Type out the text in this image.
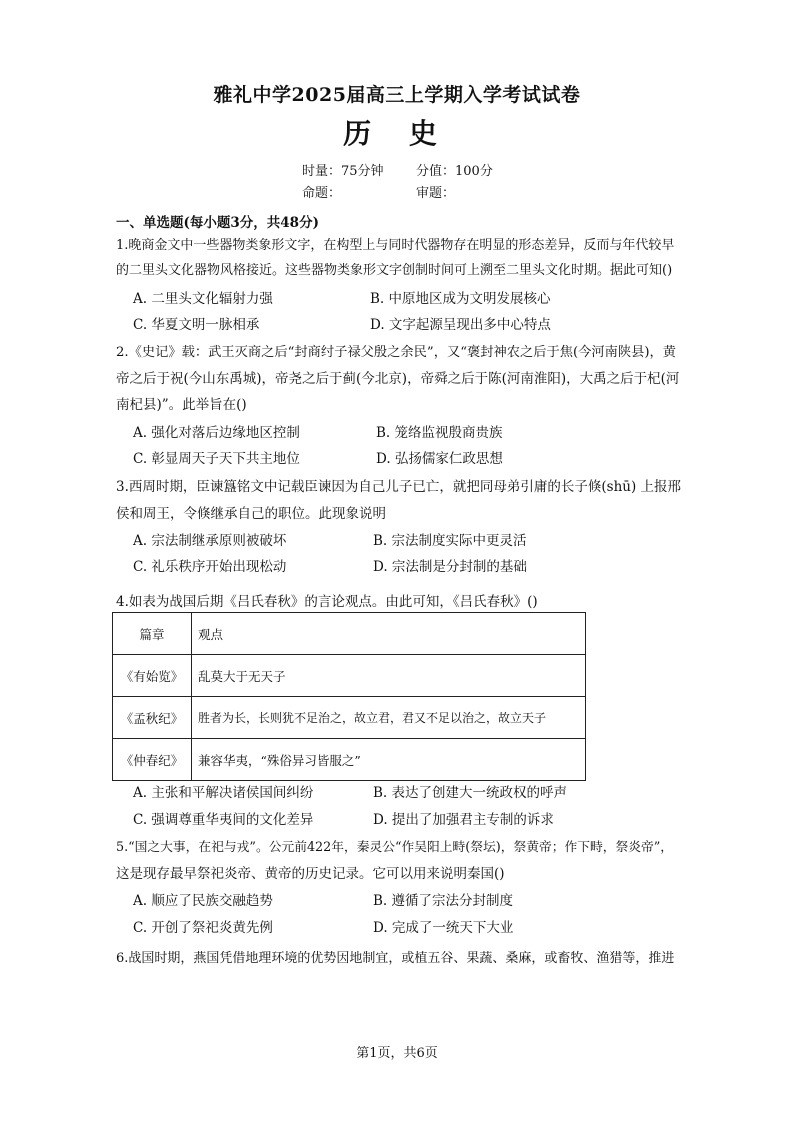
雅礼中学2025届高三上学期入学考试试卷
历 史
时量：75分钟 分值：100分
命题：	审题：
一、单选题(每小题3分，共48分)
1.晚商金文中一些器物类象形文字，在构型上与同时代器物存在明显的形态差异，反而与年代较早
的二里头文化器物风格接近。这些器物类象形文字创制时间可上溯至二里头文化时期。据此可知()
A. 二里头文化辐射力强	B. 中原地区成为文明发展核心
C. 华夏文明一脉相承	D. 文字起源呈现出多中心特点
2.《史记》载：武王灭商之后“封商纣子禄父殷之余民”，又“褒封神农之后于焦(今河南陕县)，黄
帝之后于祝(今山东禹城)，帝尧之后于蓟(今北京)，帝舜之后于陈(河南淮阳)，大禹之后于杞(河
南杞县)”。此举旨在()
A. 强化对落后边缘地区控制	B. 笼络监视殷商贵族
C. 彰显周天子天下共主地位	D. 弘扬儒家仁政思想
3.西周时期，臣谏簋铭文中记载臣谏因为自己儿子已亡，就把同母弟引庸的长子倏(shū) 上报邢
侯和周王，令倏继承自己的职位。此现象说明
A. 宗法制继承原则被破坏	B. 宗法制度实际中更灵活
C. 礼乐秩序开始出现松动	D. 宗法制是分封制的基础
4.如表为战国后期《吕氏春秋》的言论观点。由此可知，《吕氏春秋》()
篇章	观点
《有始览》	乱莫大于无天子
《孟秋纪》	胜者为长，长则犹不足治之，故立君，君又不足以治之，故立天子
《仲春纪》	兼容华夷，“殊俗异习皆服之”
A. 主张和平解决诸侯国间纠纷	B. 表达了创建大一统政权的呼声
C. 强调尊重华夷间的文化差异	D. 提出了加强君主专制的诉求
5.“国之大事，在祀与戎”。公元前422年，秦灵公“作吴阳上畤(祭坛)，祭黄帝；作下畤，祭炎帝”，
这是现存最早祭祀炎帝、黄帝的历史记录。它可以用来说明秦国()
A. 顺应了民族交融趋势	B. 遵循了宗法分封制度
C. 开创了祭祀炎黄先例	D. 完成了一统天下大业
6.战国时期，燕国凭借地理环境的优势因地制宜，或植五谷、果蔬、桑麻，或畜牧、渔猎等，推进
第1页，共6页
